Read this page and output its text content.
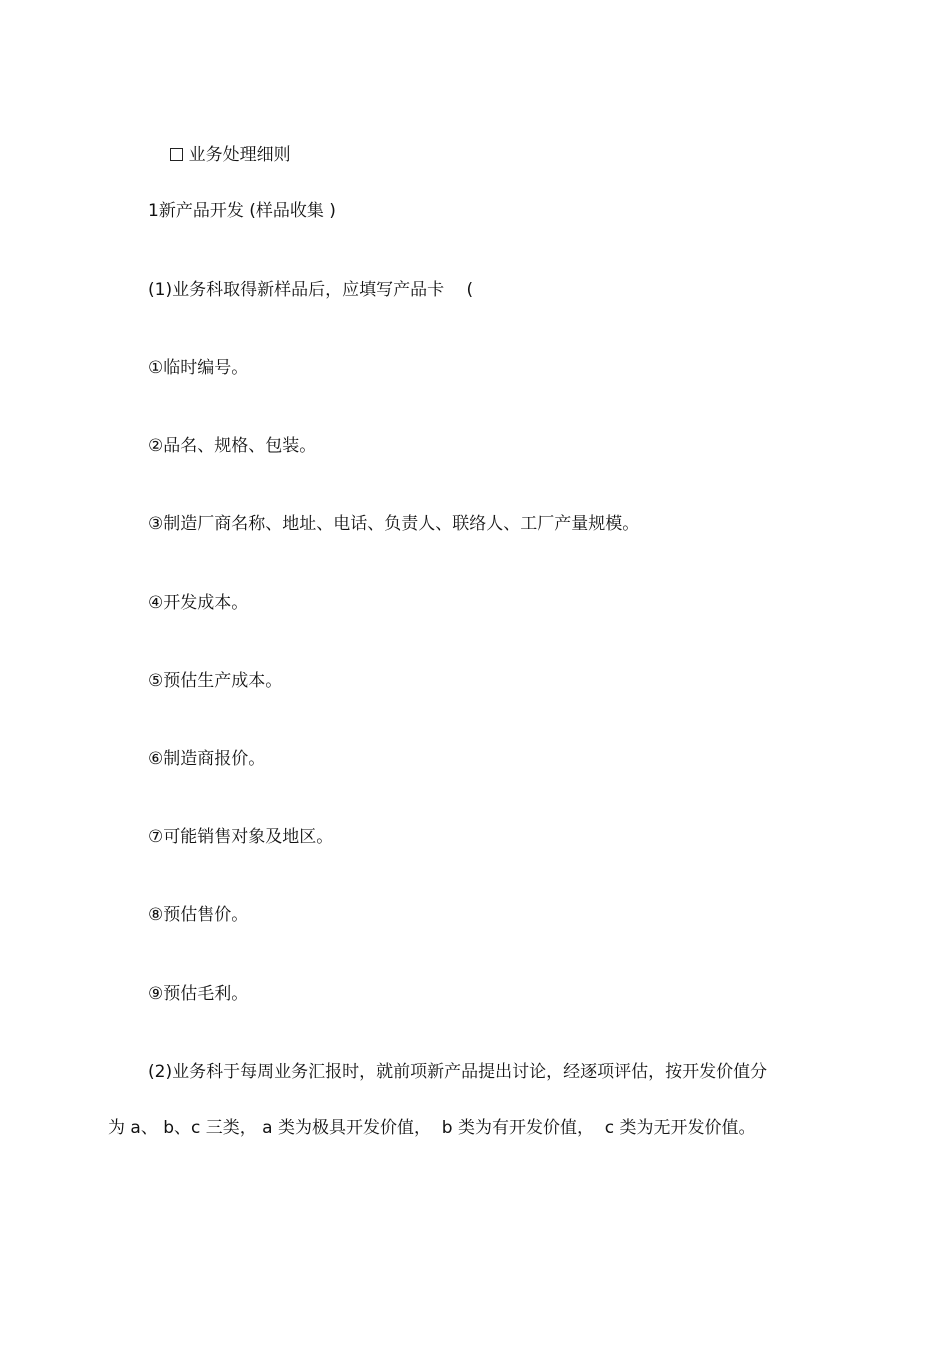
业务处理细则

1新产品开发 (样品收集 )
(1)业务科取得新样品后，应填写产品卡 　(
①临时编号。
②品名、规格、包装。
③制造厂商名称、地址、电话、负责人、联络人、工厂产量规模。
④开发成本。
⑤预估生产成本。
⑥制造商报价。
⑦可能销售对象及地区。
⑧预估售价。
⑨预估毛利。
(2)业务科于每周业务汇报时，就前项新产品提出讨论，经逐项评估，按开发价值分
为 a、 b、c 三类， a 类为极具开发价值，  b 类为有开发价值，  c 类为无开发价值。
